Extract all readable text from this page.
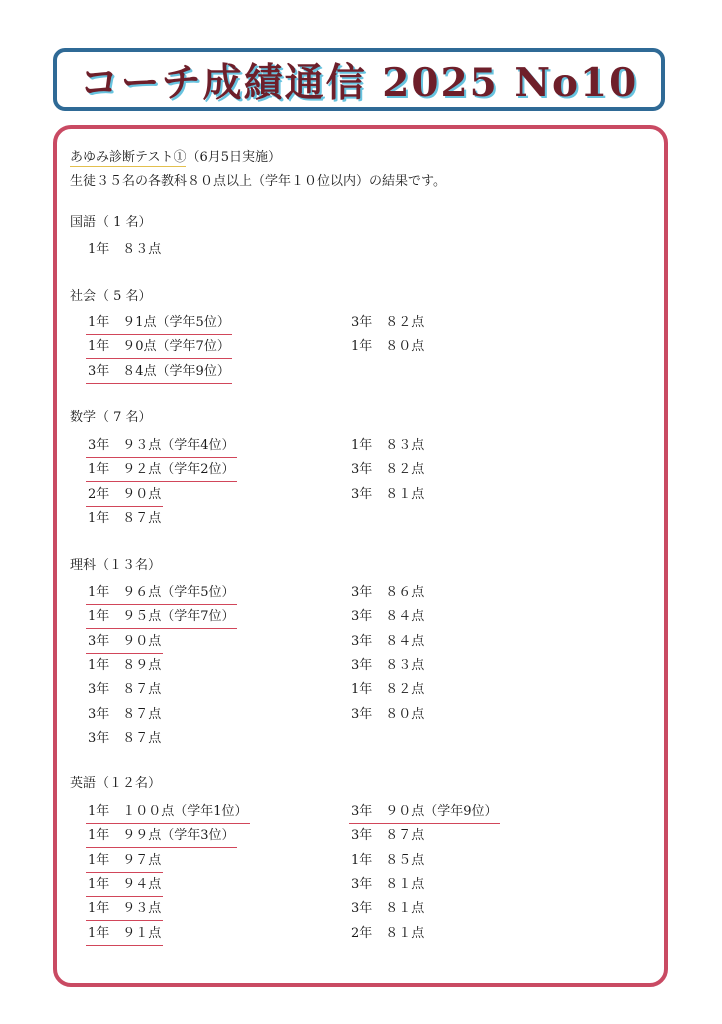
コーチ成績通信 2025 No10
あゆみ診断テスト①（6月5日実施）
生徒３５名の各教科８０点以上（学年１０位以内）の結果です。
国語（ 1 名）
1年　８３点
社会（ 5 名）
1年　９1点（学年5位）
1年　９0点（学年7位）
3年　８4点（学年9位）
3年　８２点
1年　８０点
数学（ 7 名）
3年　９３点（学年4位）
1年　９２点（学年2位）
2年　９０点
1年　８７点
1年　８３点
3年　８２点
3年　８１点
理科（１３名）
1年　９６点（学年5位）
1年　９５点（学年7位）
3年　９０点
1年　８９点
3年　８７点
3年　８７点
3年　８７点
3年　８６点
3年　８４点
3年　８４点
3年　８３点
1年　８２点
3年　８０点
英語（１２名）
1年　１００点（学年1位）
1年　９９点（学年3位）
1年　９７点
1年　９４点
1年　９３点
1年　９１点
3年　９０点（学年9位）
3年　８７点
1年　８５点
3年　８１点
3年　８１点
2年　８１点
